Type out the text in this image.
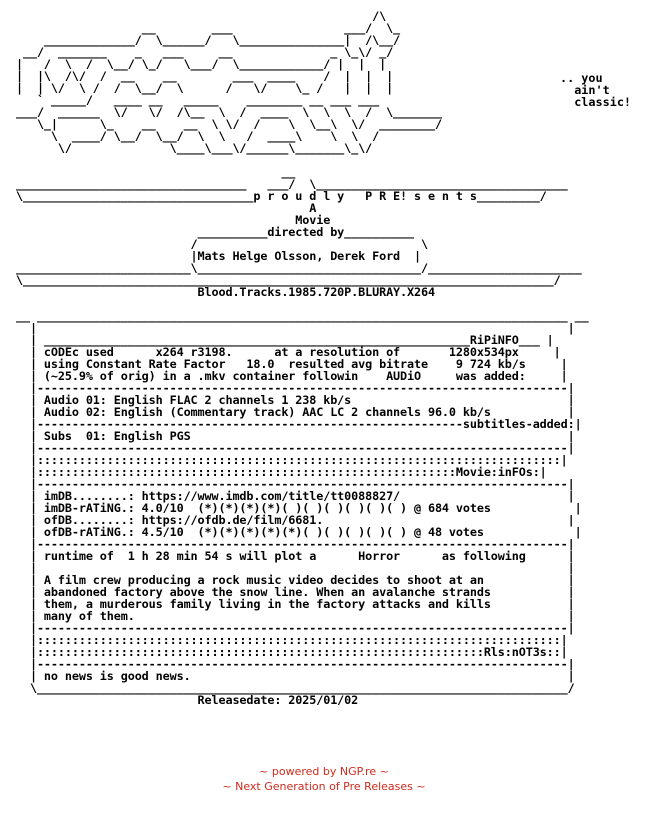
/\
__        ___                ___/  \_
_____________/  \______/   \_______________|  /\__/
__/  _______    _   ___     __              _ \_\/ _/
|   /  \  /  \__/ \_/   \___/  \____________/ |  |  |
|  |\  /\/  /  __    __        ___  ____    /  |  |  |
|  | \/  \ /  /  \__/  \      /   \/    \_ /   |  |  |
` _____/   ____ __   _____    ________ __ ___ ___
___/  ______  \/   \/  /\__  \  /  ____  \  \  \  /  \_______
\_|      \_    __    __  \ \/  /    \  \__\  \/  ________/
\  ____/ \__/  \__/  \  \   /  ____\    \  \  /
\/              \____\___\/______\_______\_\/

__
_________________________________   ___/  \____________________________________
\_________________________________p r o u d l y   P R E! s e n t s_________/
A
Movie
__________directed by__________
/                                \
|Mats Helge Olsson, Derek Ford  |
_________________________\________________________________/______________________
\____________________________________________________________________________/
Blood.Tracks.1985.720P.BLURAY.X264

__ ____________________________________________________________________________ __
|                                                                            |
| _____________________________________________________________RiPiNFO___ |
| cODEc used      x264 r3198.      at a resolution of       1280x534px     |
| using Constant Rate Factor   18.0  resulted avg bitrate    9 724 kb/s     |
| (~25.9% of orig) in a .mkv container followin    AUDiO     was added:     |
|----------------------------------------------------------------------------|
| Audio 01: English FLAC 2 channels 1 238 kb/s                               |
| Audio 02: English (Commentary track) AAC LC 2 channels 96.0 kb/s           |
|-------------------------------------------------------------subtitles-added:|
| Subs  01: English PGS                                                      |
|----------------------------------------------------------------------------|
|:::::::::::::::::::::::::::::::::::::::::::::::::::::::::::::::::::::::::::|
|::::::::::::::::::::::::::::::::::::::::::::::::::::::::::::Movie:inFOs:|
|----------------------------------------------------------------------------|
| imDB........: https://www.imdb.com/title/tt0088827/                        |
| imDB-rATiNG.: 4.0/10  (*)(*)(*)(*)( )( )( )( )( )( ) @ 684 votes            |
| ofDB........: https://ofdb.de/film/6681.                                   |
| ofDB-rATiNG.: 4.5/10  (*)(*)(*)(*)(*)( )( )( )( )( ) @ 48 votes             |
|----------------------------------------------------------------------------|
| runtime of  1 h 28 min 54 s will plot a      Horror      as following      |
|                                                                            |
| A film crew producing a rock music video decides to shoot at an            |
| abandoned factory above the snow line. When an avalanche strands           |
| them, a murderous family living in the factory attacks and kills           |
| many of them.                                                              |
|----------------------------------------------------------------------------|
|:::::::::::::::::::::::::::::::::::::::::::::::::::::::::::::::::::::::::::|
|::::::::::::::::::::::::::::::::::::::::::::::::::::::::::::::::Rls:nOT3s::|
|----------------------------------------------------------------------------|
| no news is good news.                                                      |
\____________________________________________________________________________/
Releasedate: 2025/01/02

~ powered by NGP.re ~
~ Next Generation of Pre Releases ~
.. you
ain't
classic!
